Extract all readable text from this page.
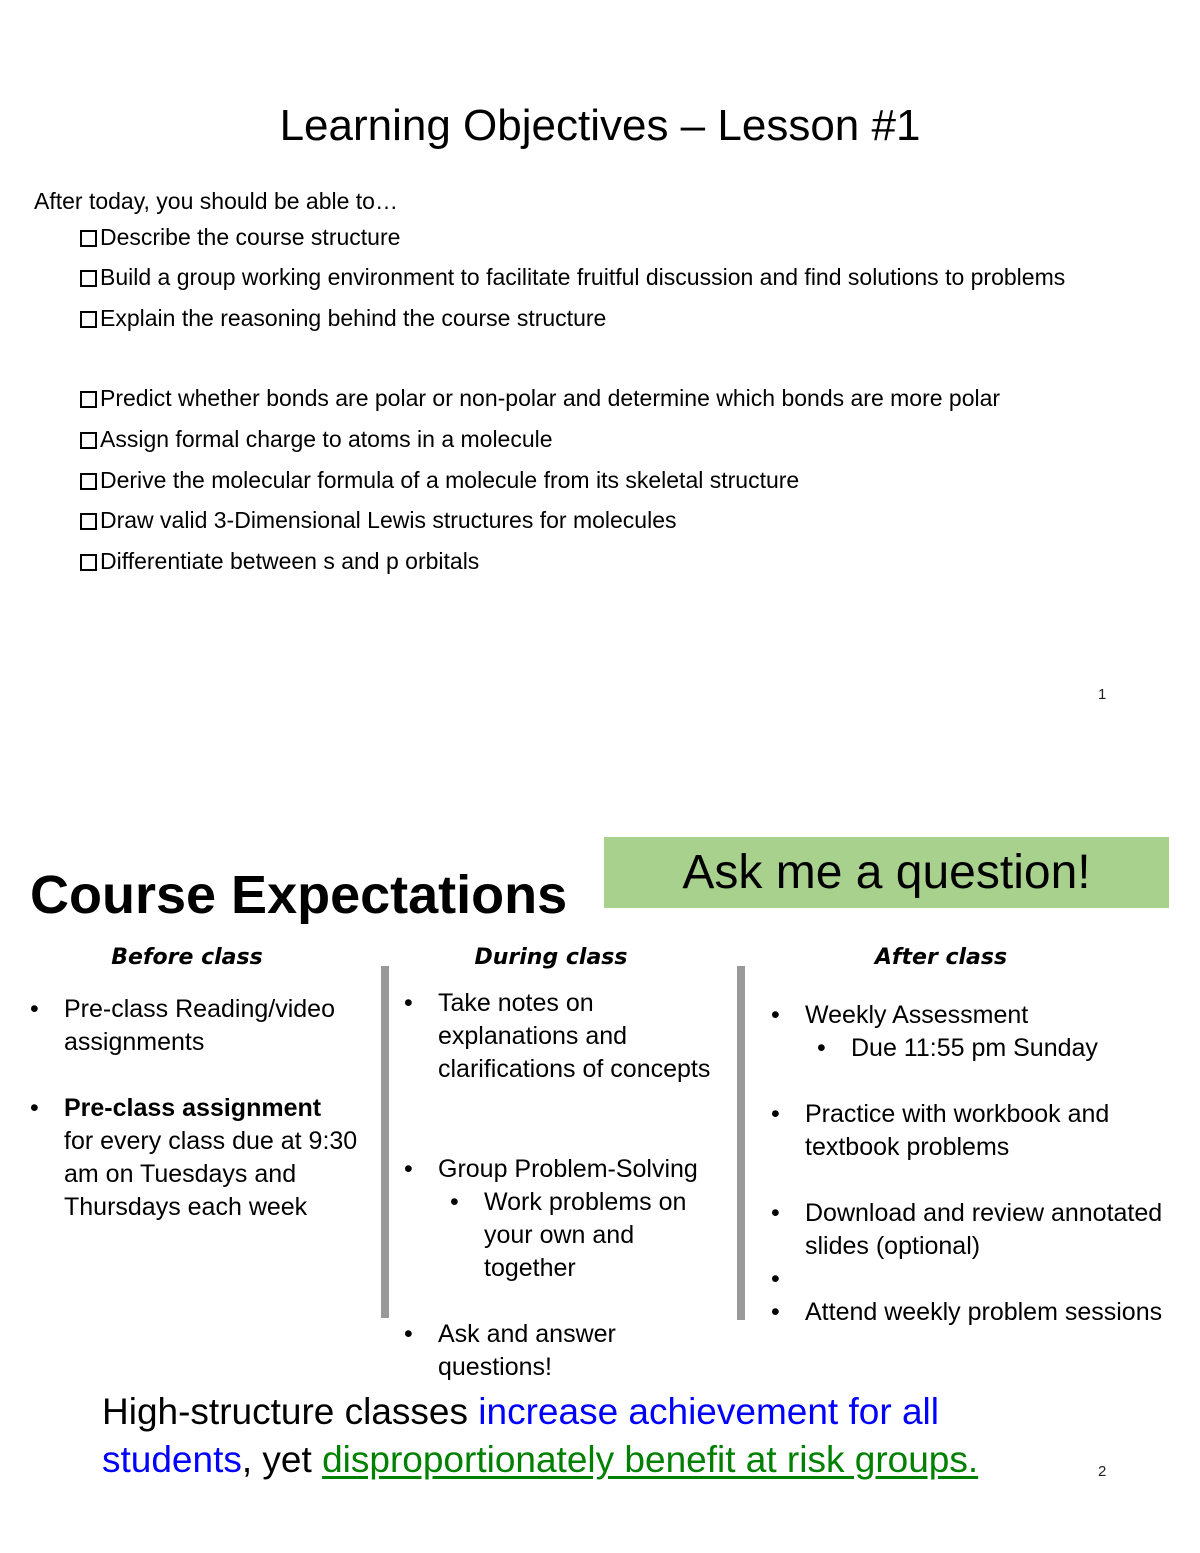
Learning Objectives – Lesson #1
After today, you should be able to…
Describe the course structure
Build a group working environment to facilitate fruitful discussion and find solutions to problems
Explain the reasoning behind the course structure
Predict whether bonds are polar or non-polar and determine which bonds are more polar
Assign formal charge to atoms in a molecule
Derive the molecular formula of a molecule from its skeletal structure
Draw valid 3-Dimensional Lewis structures for molecules
Differentiate between s and p orbitals
1
Course Expectations	Ask me a question!
Before class	During class	After class
• Pre-class Reading/video assignments
• Pre-class assignment
for every class due at 9:30 am on Tuesdays and Thursdays each week
• Take notes on explanations and clarifications of concepts
• Group Problem-Solving
• Work problems on your own and together
• Ask and answer questions!
• Weekly Assessment
• Due 11:55 pm Sunday
• Practice with workbook and textbook problems
• Download and review annotated slides (optional)
• Attend weekly problem sessions
High-structure classes increase achievement for all students, yet disproportionately benefit at risk groups.	2
